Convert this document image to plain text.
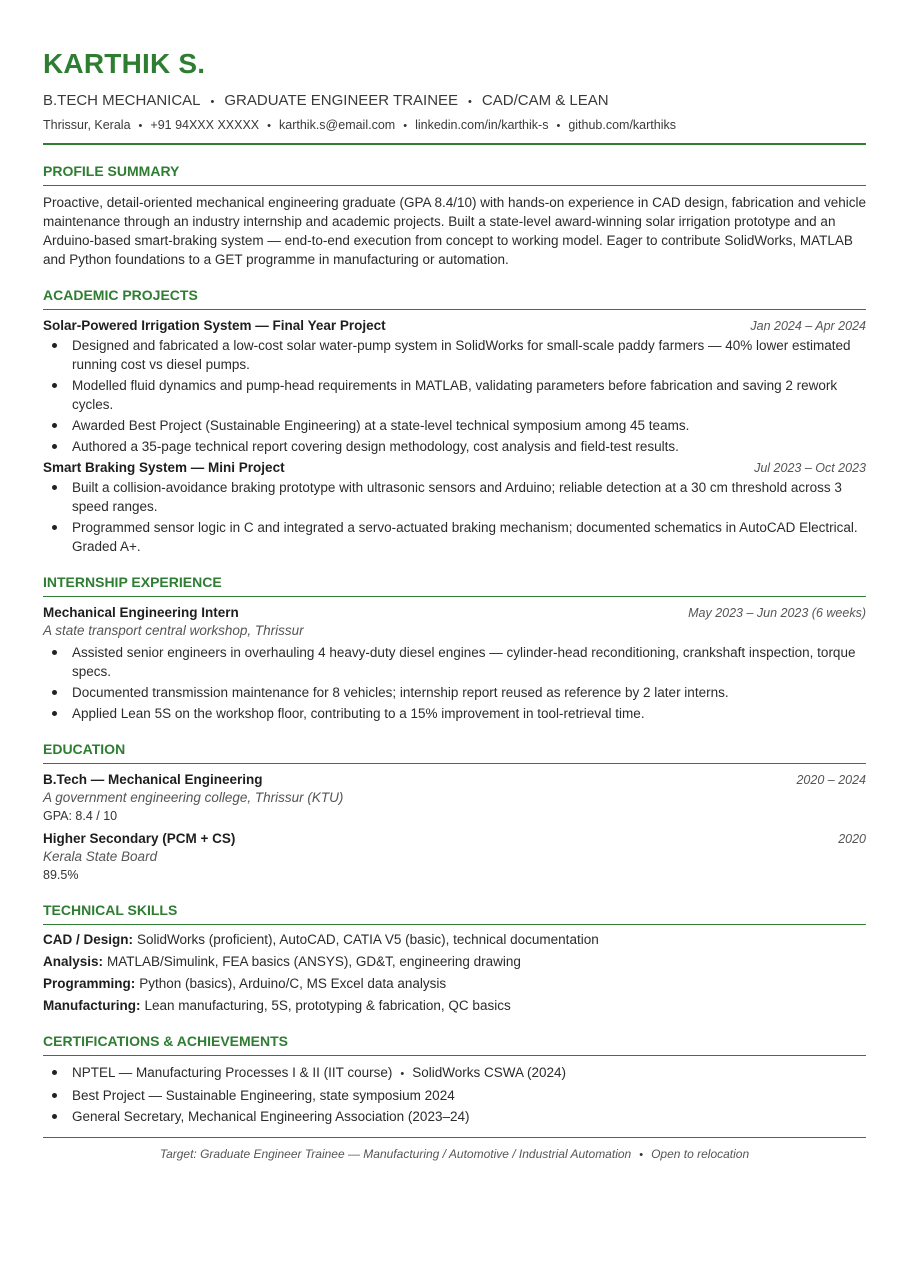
KARTHIK S.
B.TECH MECHANICAL • GRADUATE ENGINEER TRAINEE • CAD/CAM & LEAN
Thrissur, Kerala • +91 94XXX XXXXX • karthik.s@email.com • linkedin.com/in/karthik-s • github.com/karthiks
PROFILE SUMMARY
Proactive, detail-oriented mechanical engineering graduate (GPA 8.4/10) with hands-on experience in CAD design, fabrication and vehicle maintenance through an industry internship and academic projects. Built a state-level award-winning solar irrigation prototype and an Arduino-based smart-braking system — end-to-end execution from concept to working model. Eager to contribute SolidWorks, MATLAB and Python foundations to a GET programme in manufacturing or automation.
ACADEMIC PROJECTS
Solar-Powered Irrigation System — Final Year Project	Jan 2024 – Apr 2024
Designed and fabricated a low-cost solar water-pump system in SolidWorks for small-scale paddy farmers — 40% lower estimated running cost vs diesel pumps.
Modelled fluid dynamics and pump-head requirements in MATLAB, validating parameters before fabrication and saving 2 rework cycles.
Awarded Best Project (Sustainable Engineering) at a state-level technical symposium among 45 teams.
Authored a 35-page technical report covering design methodology, cost analysis and field-test results.
Smart Braking System — Mini Project	Jul 2023 – Oct 2023
Built a collision-avoidance braking prototype with ultrasonic sensors and Arduino; reliable detection at a 30 cm threshold across 3 speed ranges.
Programmed sensor logic in C and integrated a servo-actuated braking mechanism; documented schematics in AutoCAD Electrical. Graded A+.
INTERNSHIP EXPERIENCE
Mechanical Engineering Intern	May 2023 – Jun 2023 (6 weeks)
A state transport central workshop, Thrissur
Assisted senior engineers in overhauling 4 heavy-duty diesel engines — cylinder-head reconditioning, crankshaft inspection, torque specs.
Documented transmission maintenance for 8 vehicles; internship report reused as reference by 2 later interns.
Applied Lean 5S on the workshop floor, contributing to a 15% improvement in tool-retrieval time.
EDUCATION
B.Tech — Mechanical Engineering	2020 – 2024
A government engineering college, Thrissur (KTU)
GPA: 8.4 / 10
Higher Secondary (PCM + CS)	2020
Kerala State Board
89.5%
TECHNICAL SKILLS
CAD / Design: SolidWorks (proficient), AutoCAD, CATIA V5 (basic), technical documentation
Analysis: MATLAB/Simulink, FEA basics (ANSYS), GD&T, engineering drawing
Programming: Python (basics), Arduino/C, MS Excel data analysis
Manufacturing: Lean manufacturing, 5S, prototyping & fabrication, QC basics
CERTIFICATIONS & ACHIEVEMENTS
NPTEL — Manufacturing Processes I & II (IIT course) • SolidWorks CSWA (2024)
Best Project — Sustainable Engineering, state symposium 2024
General Secretary, Mechanical Engineering Association (2023–24)
Target: Graduate Engineer Trainee — Manufacturing / Automotive / Industrial Automation • Open to relocation
